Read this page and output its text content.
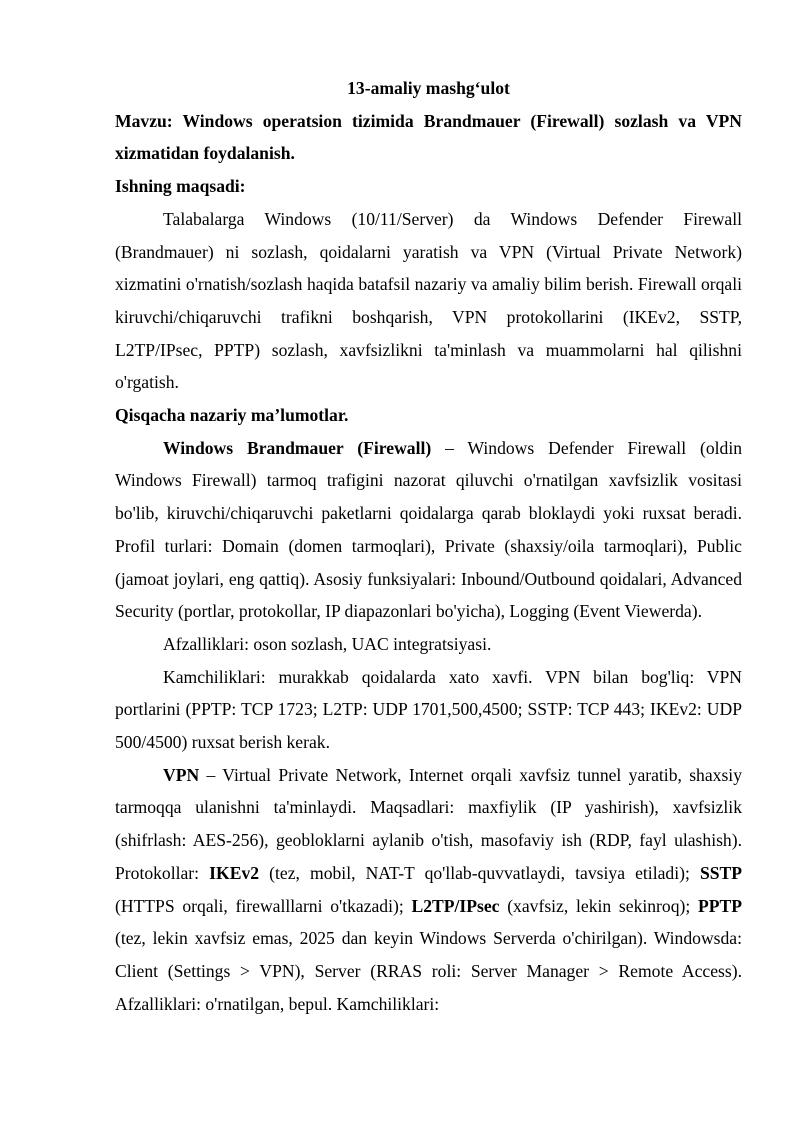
13-amaliy mashg‘ulot

Mavzu: Windows operatsion tizimida Brandmauer (Firewall) sozlash va VPN xizmatidan foydalanish.

Ishning maqsadi:

Talabalarga Windows (10/11/Server) da Windows Defender Firewall (Brandmauer) ni sozlash, qoidalarni yaratish va VPN (Virtual Private Network) xizmatini o'rnatish/sozlash haqida batafsil nazariy va amaliy bilim berish. Firewall orqali kiruvchi/chiqaruvchi trafikni boshqarish, VPN protokollarini (IKEv2, SSTP, L2TP/IPsec, PPTP) sozlash, xavfsizlikni ta'minlash va muammolarni hal qilishni o'rgatish.

Qisqacha nazariy ma’lumotlar.

Windows Brandmauer (Firewall) – Windows Defender Firewall (oldin Windows Firewall) tarmoq trafigini nazorat qiluvchi o'rnatilgan xavfsizlik vositasi bo'lib, kiruvchi/chiqaruvchi paketlarni qoidalarga qarab bloklaydi yoki ruxsat beradi. Profil turlari: Domain (domen tarmoqlari), Private (shaxsiy/oila tarmoqlari), Public (jamoat joylari, eng qattiq). Asosiy funksiyalari: Inbound/Outbound qoidalari, Advanced Security (portlar, protokollar, IP diapazonlari bo'yicha), Logging (Event Viewerda).

Afzalliklari: oson sozlash, UAC integratsiyasi.

Kamchiliklari: murakkab qoidalarda xato xavfi. VPN bilan bog'liq: VPN portlarini (PPTP: TCP 1723; L2TP: UDP 1701,500,4500; SSTP: TCP 443; IKEv2: UDP 500/4500) ruxsat berish kerak.

VPN – Virtual Private Network, Internet orqali xavfsiz tunnel yaratib, shaxsiy tarmoqqa ulanishni ta'minlaydi. Maqsadlari: maxfiylik (IP yashirish), xavfsizlik (shifrlash: AES-256), geobloklarni aylanib o'tish, masofaviy ish (RDP, fayl ulashish). Protokollar: IKEv2 (tez, mobil, NAT-T qo'llab-quvvatlaydi, tavsiya etiladi); SSTP (HTTPS orqali, firewalllarni o'tkazadi); L2TP/IPsec (xavfsiz, lekin sekinroq); PPTP (tez, lekin xavfsiz emas, 2025 dan keyin Windows Serverda o'chirilgan). Windowsda: Client (Settings > VPN), Server (RRAS roli: Server Manager > Remote Access). Afzalliklari: o'rnatilgan, bepul. Kamchiliklari:
